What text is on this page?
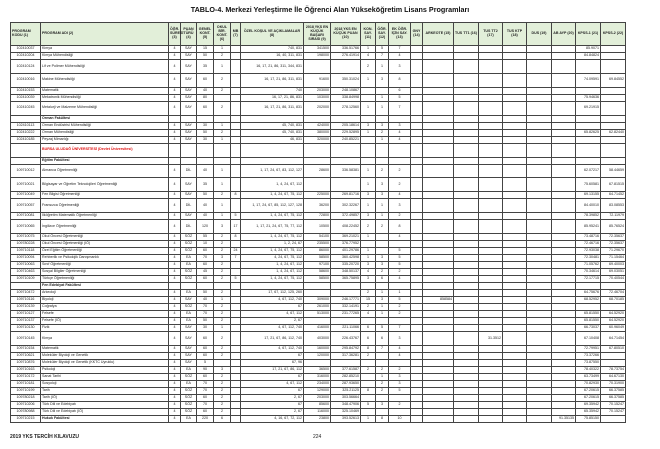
TABLO-4. Merkezi Yerleştirme İle Öğrenci Alan Yükseköğretim Lisans Programları
PROGRAM KODU (1)	PROGRAM ADI (2)	ÖĞR. SÜRESİ (3)	PUAN TÜRÜ (4)	GENEL KONT. (5)	OKUL BİR. KONT. (6)	MB (7)	ÖZEL KOŞUL VE AÇIKLAMALAR (8)	2018 YKS EN KÜÇÜK BAŞARI SIRASI (9)	2018 YKS EN KÜÇÜK PUAN (10)	KON. SAY. (11)	ÖĞR. SAY. (12)	EK ÖĞR. İÇİN SAY. (13)	GNY (14)	ARKEOTE (15)	TUS TT1 (16)	TUS TT2 (17)	TUS KTP (18)	DUS (19)	AB AYP (20)	KPSS-1 (21)	KPSS-2 (22)
102410037	Kimya	4	SAY	15	1		740, 831	341500	336.51766	1	5	7								85.9071	
102410204	Kimya Mühendisliği	4	SAY	50	2		16, 40, 311, 831	198000	276.41914	4	7	4								84.84824	
102410124	Lif ve Polimer Mühendisliği	4	SAY	35	1		16, 17, 21, 86, 311, 344, 831			2	1	3									
102410016	Makine Mühendisliği	4	SAY	60	2		16, 17, 21, 86, 311, 831	91600	350.31024	1	3	8								74.09591	69.84552
102410153	Matematik	4	SAY	40	2		740	203000	248.10867			6									
102410039	Mekatronik Mühendisliği	4	SAY	80			16, 17, 21, 86, 831	103000	338.84998		1	5								75.94636	
102410245	Metalurji ve Malzeme Mühendisliği	4	SAY	60	2		16, 17, 21, 86, 311, 831	202000	278.12560	1	1	7								69.21915	
	Orman Fakültesi																				
102410113	Orman Endüstrisi Mühendisliği	4	SAY	30	1		45, 740, 831	424000	205.18614	3	3	3									
102410222	Orman Mühendisliği	4	SAY	50	2		45, 740, 831	380000	229.52895	1	2	4								65.82625	62.82440
102410185	Peyzaj Mimarlığı	4	SAY	30	1		46, 831	320000	240.85221		1	4									
	BURSA ULUDAĞ ÜNİVERSİTESİ (Devlet Üniversitesi)																				
	Eğitim Fakültesi																				
109710012	Almanca Öğretmenliği	4	DİL	40	1		1, 17, 24, 67, 83, 112, 127	28600	336.58381	1	2	2								62.07217	58.44659
109710021	Bilgisayar ve Öğretim Teknolojileri Öğretmenliği	4	SAY	35	1		1, 4, 24, 67, 112			1	3	2								75.60581	67.81515
109710049	Fen Bilgisi Öğretmenliği	4	SAY	50	2	8	1, 4, 24, 67, 75, 112	225000	269.81716	3	3	4								69.13155	64.71452
109710057	Fransızca Öğretmenliği	4	DİL	40	1		1, 17, 24, 67, 85, 112, 127, 128	36200	302.32267	1	1	3								84.40010	83.08553
109710081	İlköğretim Matematik Öğretmenliği	4	SAY	40	1	5	1, 4, 24, 67, 75, 112	72800	372.49857	3	1	2								78.39852	72.11979
109710065	İngilizce Öğretmenliği	4	DİL	120	3	17	1, 17, 21, 24, 67, 75, 77, 112	10500	408.22452	2	2	8								85.95241	85.76524
109710075	Okul Öncesi Öğretmenliği	4	SÖZ	55	2	8	1, 4, 24, 67, 75, 112	54100	369.21021	1		4								73.48716	72.35637
109780228	Okul Öncesi Öğretmenliği (İÖ)	4	SÖZ	10	2		1, 2, 24, 67	235500	376.77952											72.46716	72.35637
109710118	Özel Eğitim Öğretmenliği	4	SÖZ	60	2	24	1, 4, 24, 67, 75, 112	86000	401.29786	1		5								72.93038	71.29670
109710094	Rehberlik ve Psikolojik Danışmanlık	4	EA	70	3	7	4, 24, 67, 75, 112	58500	360.42598	1	3	5								72.30481	71.15464
109710063	Sınıf Öğretmenliği	4	EA	60	2		1, 4, 24, 67, 112	97100	335.20720	3	3	5								71.05762	69.40003
109710463	Sosyal Bilgiler Öğretmenliği	4	SÖZ	45	2		1, 4, 24, 67, 112	58600	348.50137	4	2	2								70.34614	69.03051
109710109	Türkçe Öğretmenliği	4	SÖZ	60	2	5	1, 4, 24, 67, 75, 112	58500	365.75895	3	6	4								72.17715	70.40544
	Fen Edebiyat Fakültesi																				
109710472	Arkeoloji	4	EA	50	2		17, 67, 112, 125, 260			2	1	1								64.75676	72.46704
109710116	Biyoloji	4	SAY	40	1		4, 67, 112, 740	309000	246.17771	15	3	5		858584						68.52952	68.70185
109710139	Coğrafya	4	SÖZ	70	2		67	261000	332.14191	2	1	2									
109710127	Felsefe	4	EA	70	2		4, 67, 112	513000	231.77265	4	1	2								65.81550	64.52920
109710137	Felsefe (İÖ)	4	EA	50	2		2, 67													65.81550	64.52920
109710130	Fizik	4	SAY	30	1		4, 67, 112, 740	416000	221.11066	6	5	7								66.73037	60.96049
109710145	Kimya	4	SAY	60	2		17, 21, 67, 86, 112, 740	403000	226.43767	6	6	3				31.3512				67.10408	64.71454
109710154	Matematik	4	SAY	60	2		4, 67, 112, 740	160000	295.84792	8	7	4								72.79951	67.80510
109710621	Moleküler Biyoloji ve Genetik	4	SAY	60	2		67	120000	317.36281	2		4								73.37266	
109710876	Moleküler Biyoloji ve Genetik (KKTC Uyruklu)	4	SAY	5			67, 96													73.87550	
109710163	Psikoloji	4	EA	90	3		17, 21, 67, 86, 112	36500	377.61587	2	2	2								78.40322	78.73754
109710172	Sanat Tarihi	4	SÖZ	60	2		67	316000	282.85210		1	3								63.73499	64.67130
109710181	Sosyoloji	4	EA	70	2		4, 67, 112	234000	287.93650		2	3								70.82930	70.31900
109710199	Tarih	4	SÖZ	70	2		67	129000	325.21125	8	2	5								67.20615	66.37585
109780218	Tarih (İÖ)	4	SÖZ	60	2		2, 67	203000	303.56664											67.20615	66.37585
109710206	Türk Dili ve Edebiyatı	4	SÖZ	70	2		67	85600	348.47906	5	3	2								69.35942	70.15247
109780988	Türk Dili ve Edebiyatı (İÖ)	4	SÖZ	60	2		2, 67	116000	325.10469											65.35942	70.15247
109710215	Hukuk Fakültesi	4	EA	220	6		4, 16, 67, 72, 112	23800	393.52613	1	8	10							91.35135	75.85150	
2019 YKS TERCİH KILAVUZU	224
